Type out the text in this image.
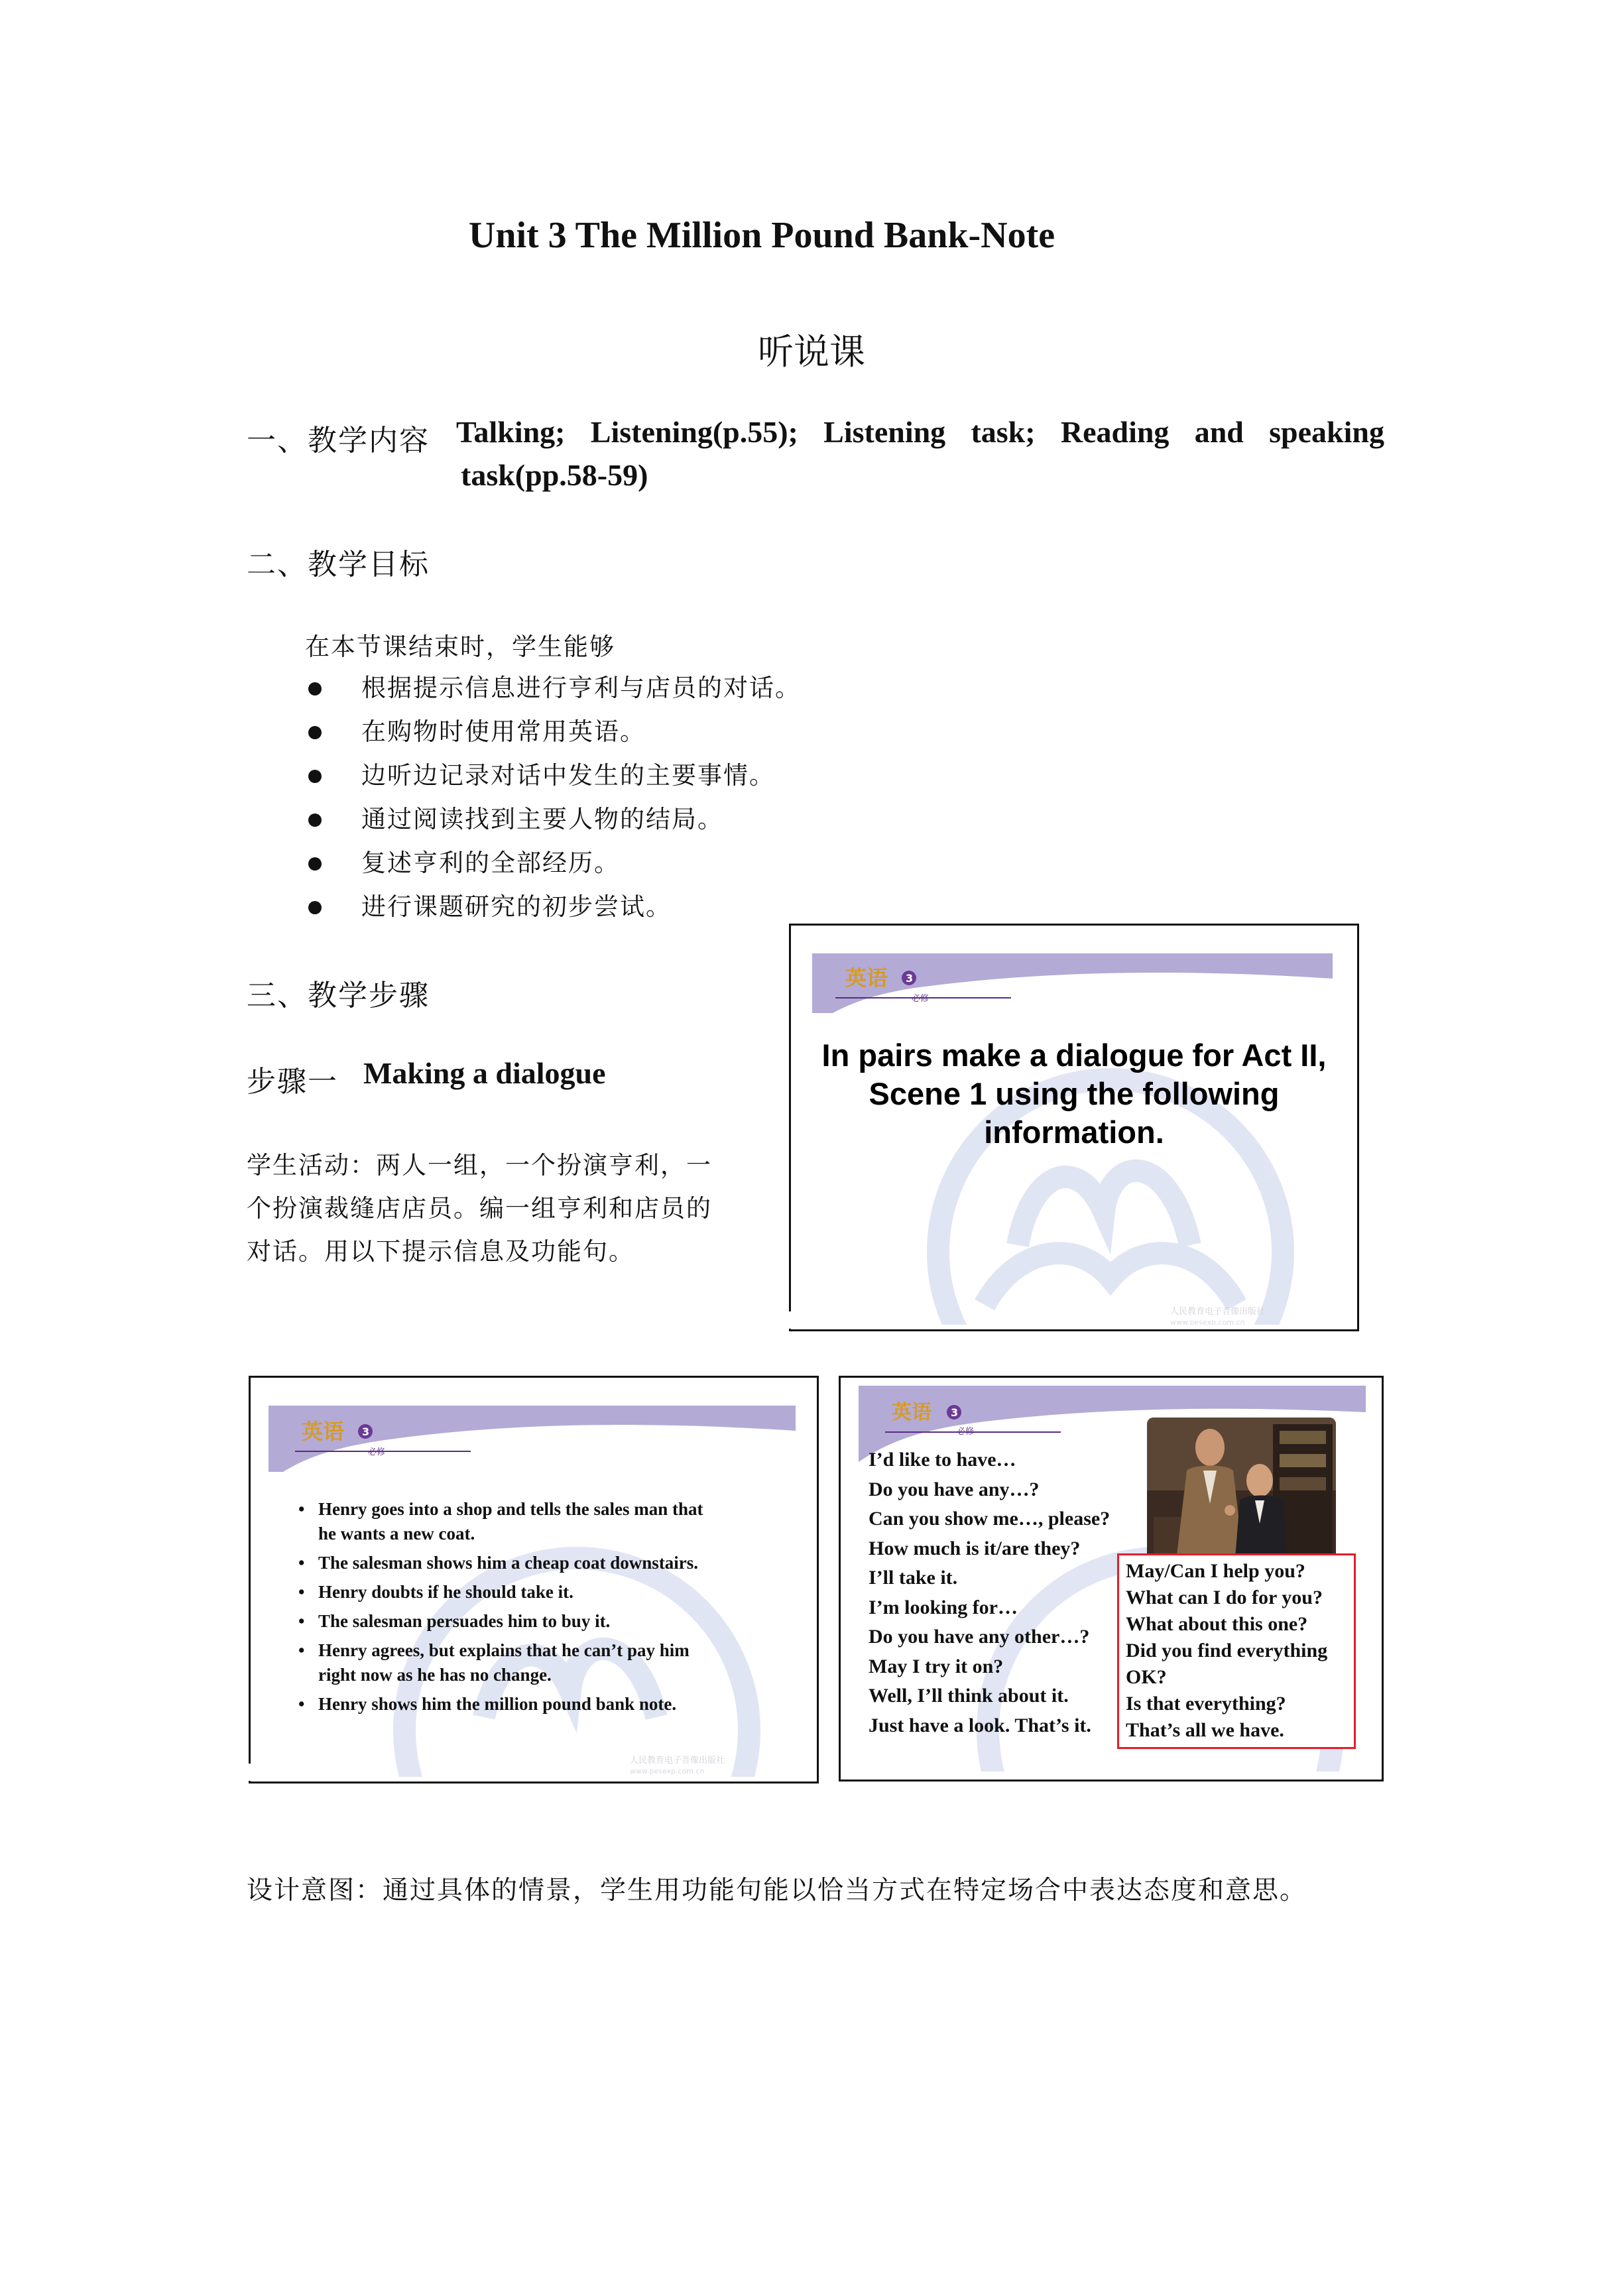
Unit 3 The Million Pound Bank-Note
听说课
一、教学内容 Talking; Listening(p.55); Listening task; Reading and speaking
task(pp.58-59)
二、教学目标
在本节课结束时，学生能够
根据提示信息进行亨利与店员的对话。
在购物时使用常用英语。
边听边记录对话中发生的主要事情。
通过阅读找到主要人物的结局。
复述亨利的全部经历。
进行课题研究的初步尝试。
三、教学步骤
步骤一 Making a dialogue
学生活动：两人一组，一个扮演亨利，一
个扮演裁缝店店员。编一组亨利和店员的
对话。用以下提示信息及功能句。
英语 3
必修
In pairs make a dialogue for Act II,
Scene 1 using the following
information.
人民教育电子音像出版社
www.pesexp.com.cn
英语 3
必修
• Henry goes into a shop and tells the sales man that
he wants a new coat.
• The salesman shows him a cheap coat downstairs.
• Henry doubts if he should take it.
• The salesman persuades him to buy it.
• Henry agrees, but explains that he can’t pay him
right now as he has no change.
• Henry shows him the million pound bank note.
人民教育电子音像出版社
www.pesexp.com.cn
英语 3
必修
I’d like to have…
Do you have any…?
Can you show me…, please?
How much is it/are they?
I’ll take it.
I’m looking for…
Do you have any other…?
May I try it on?
Well, I’ll think about it.
Just have a look. That’s it.
May/Can I help you?
What can I do for you?
What about this one?
Did you find everything
OK?
Is that everything?
That’s all we have.
设计意图：通过具体的情景，学生用功能句能以恰当方式在特定场合中表达态度和意思。
